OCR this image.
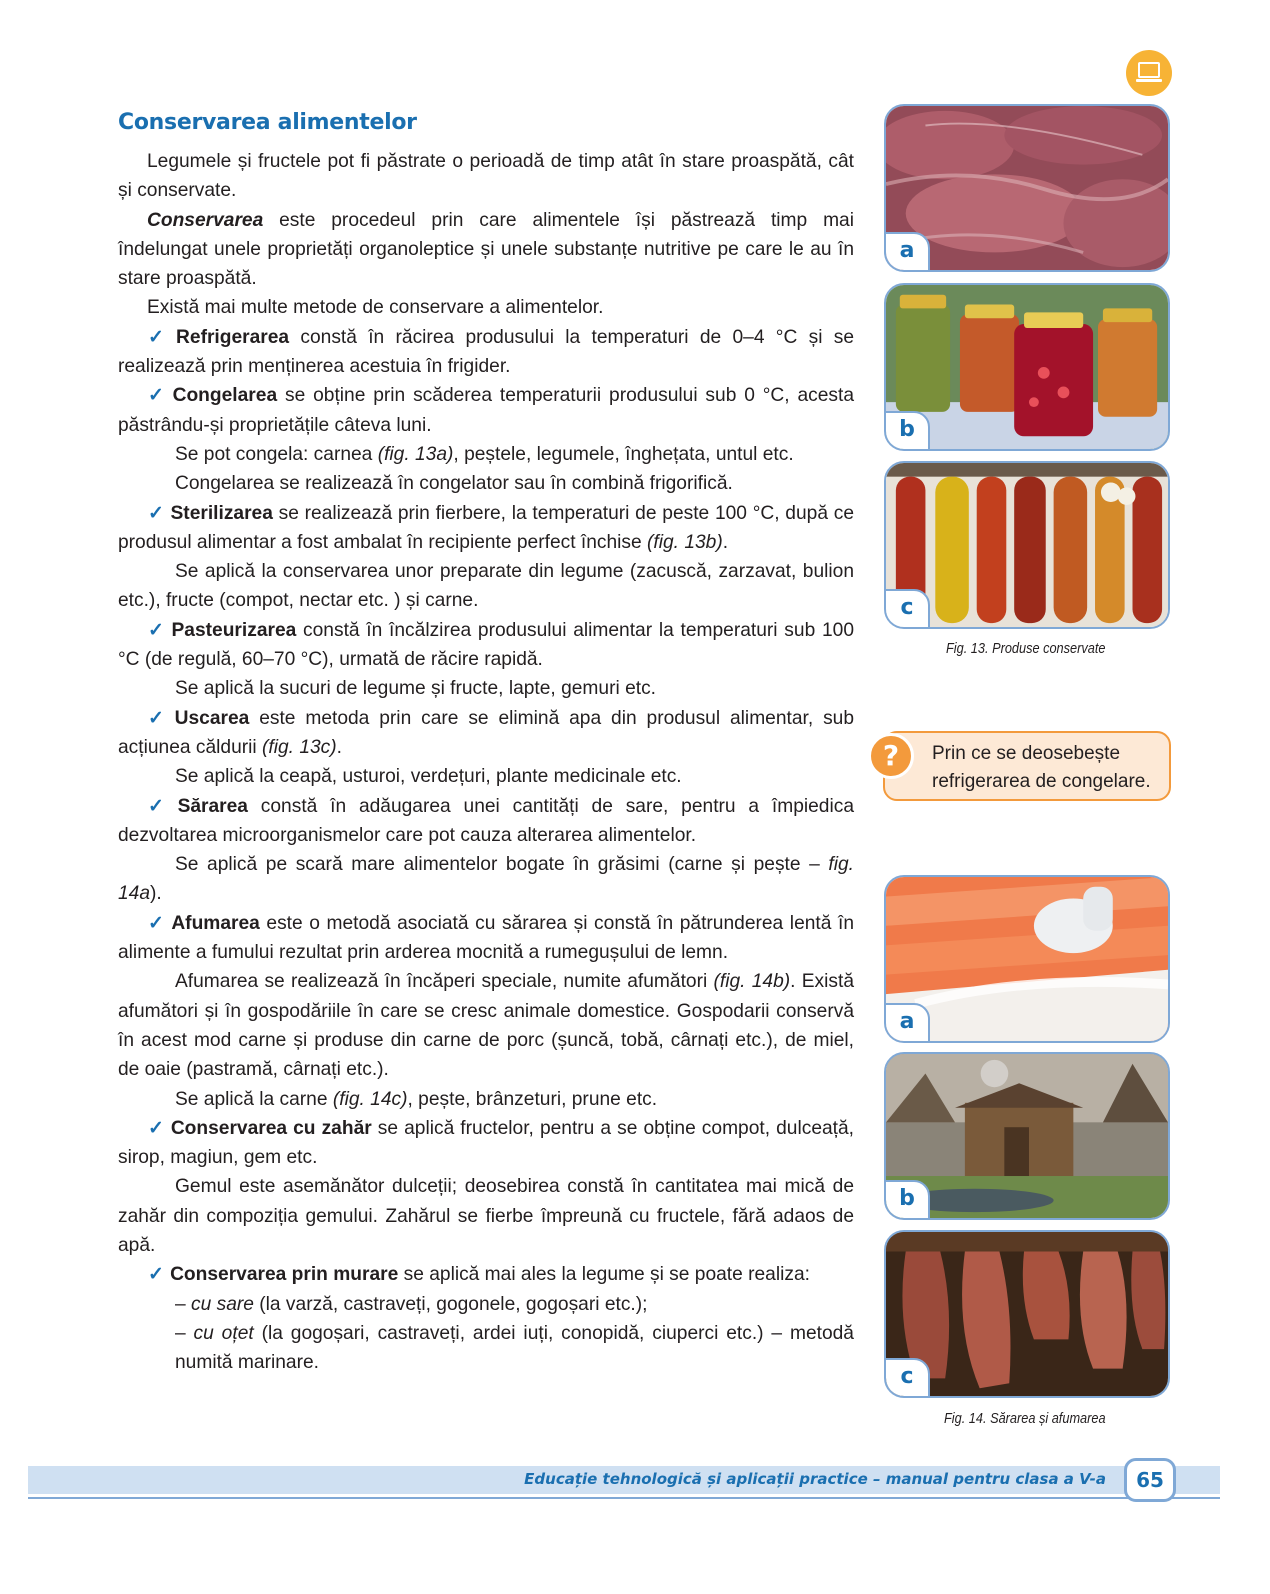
Conservarea alimentelor

Legumele și fructele pot fi păstrate o perioadă de timp atât în stare proaspătă, cât și conservate.

Conservarea este procedeul prin care alimentele își păstrează timp mai îndelungat unele proprietăți organoleptice și unele substanțe nutritive pe care le au în stare proaspătă.

Există mai multe metode de conservare a alimentelor.

✓ Refrigerarea constă în răcirea produsului la temperaturi de 0–4 °C și se realizează prin menținerea acestuia în frigider.

✓ Congelarea se obține prin scăderea temperaturii produsului sub 0 °C, acesta păstrându-și proprietățile câteva luni.

Se pot congela: carnea (fig. 13a), peștele, legumele, înghețata, untul etc.

Congelarea se realizează în congelator sau în combină frigorifică.

✓ Sterilizarea se realizează prin fierbere, la temperaturi de peste 100 °C, după ce produsul alimentar a fost ambalat în recipiente perfect închise (fig. 13b).

Se aplică la conservarea unor preparate din legume (zacuscă, zarzavat, bulion etc.), fructe (compot, nectar etc. ) și carne.

✓ Pasteurizarea constă în încălzirea produsului alimentar la temperaturi sub 100 °C (de regulă, 60–70 °C), urmată de răcire rapidă.

Se aplică la sucuri de legume și fructe, lapte, gemuri etc.

✓ Uscarea este metoda prin care se elimină apa din produsul alimentar, sub acțiunea căldurii (fig. 13c).

Se aplică la ceapă, usturoi, verdețuri, plante medicinale etc.

✓ Sărarea constă în adăugarea unei cantități de sare, pentru a împiedica dezvoltarea microorganismelor care pot cauza alterarea alimentelor.

Se aplică pe scară mare alimentelor bogate în grăsimi (carne și pește – fig. 14a).

✓ Afumarea este o metodă asociată cu sărarea și constă în pătrunderea lentă în alimente a fumului rezultat prin arderea mocnită a rumegușului de lemn.

Afumarea se realizează în încăperi speciale, numite afumători (fig. 14b). Există afumători și în gospodăriile în care se cresc animale domestice. Gospodarii conservă în acest mod carne și produse din carne de porc (șuncă, tobă, cârnați etc.), de miel, de oaie (pastramă, cârnați etc.).

Se aplică la carne (fig. 14c), pește, brânzeturi, prune etc.

✓ Conservarea cu zahăr se aplică fructelor, pentru a se obține compot, dulceață, sirop, magiun, gem etc.

Gemul este asemănător dulceții; deosebirea constă în cantitatea mai mică de zahăr din compoziția gemului. Zahărul se fierbe împreună cu fructele, fără adaos de apă.

✓ Conservarea prin murare se aplică mai ales la legume și se poate realiza:

– cu sare (la varză, castraveți, gogonele, gogoșari etc.);

– cu oțet (la gogoșari, castraveți, ardei iuți, conopidă, ciuperci etc.) – metodă numită marinare.

a
b
c
Fig. 13. Produse conservate
?	Prin ce se deosebește refrigerarea de congelare.
a
b
c
Fig. 14. Sărarea și afumarea
Educație tehnologică și aplicații practice – manual pentru clasa a V-a	65
